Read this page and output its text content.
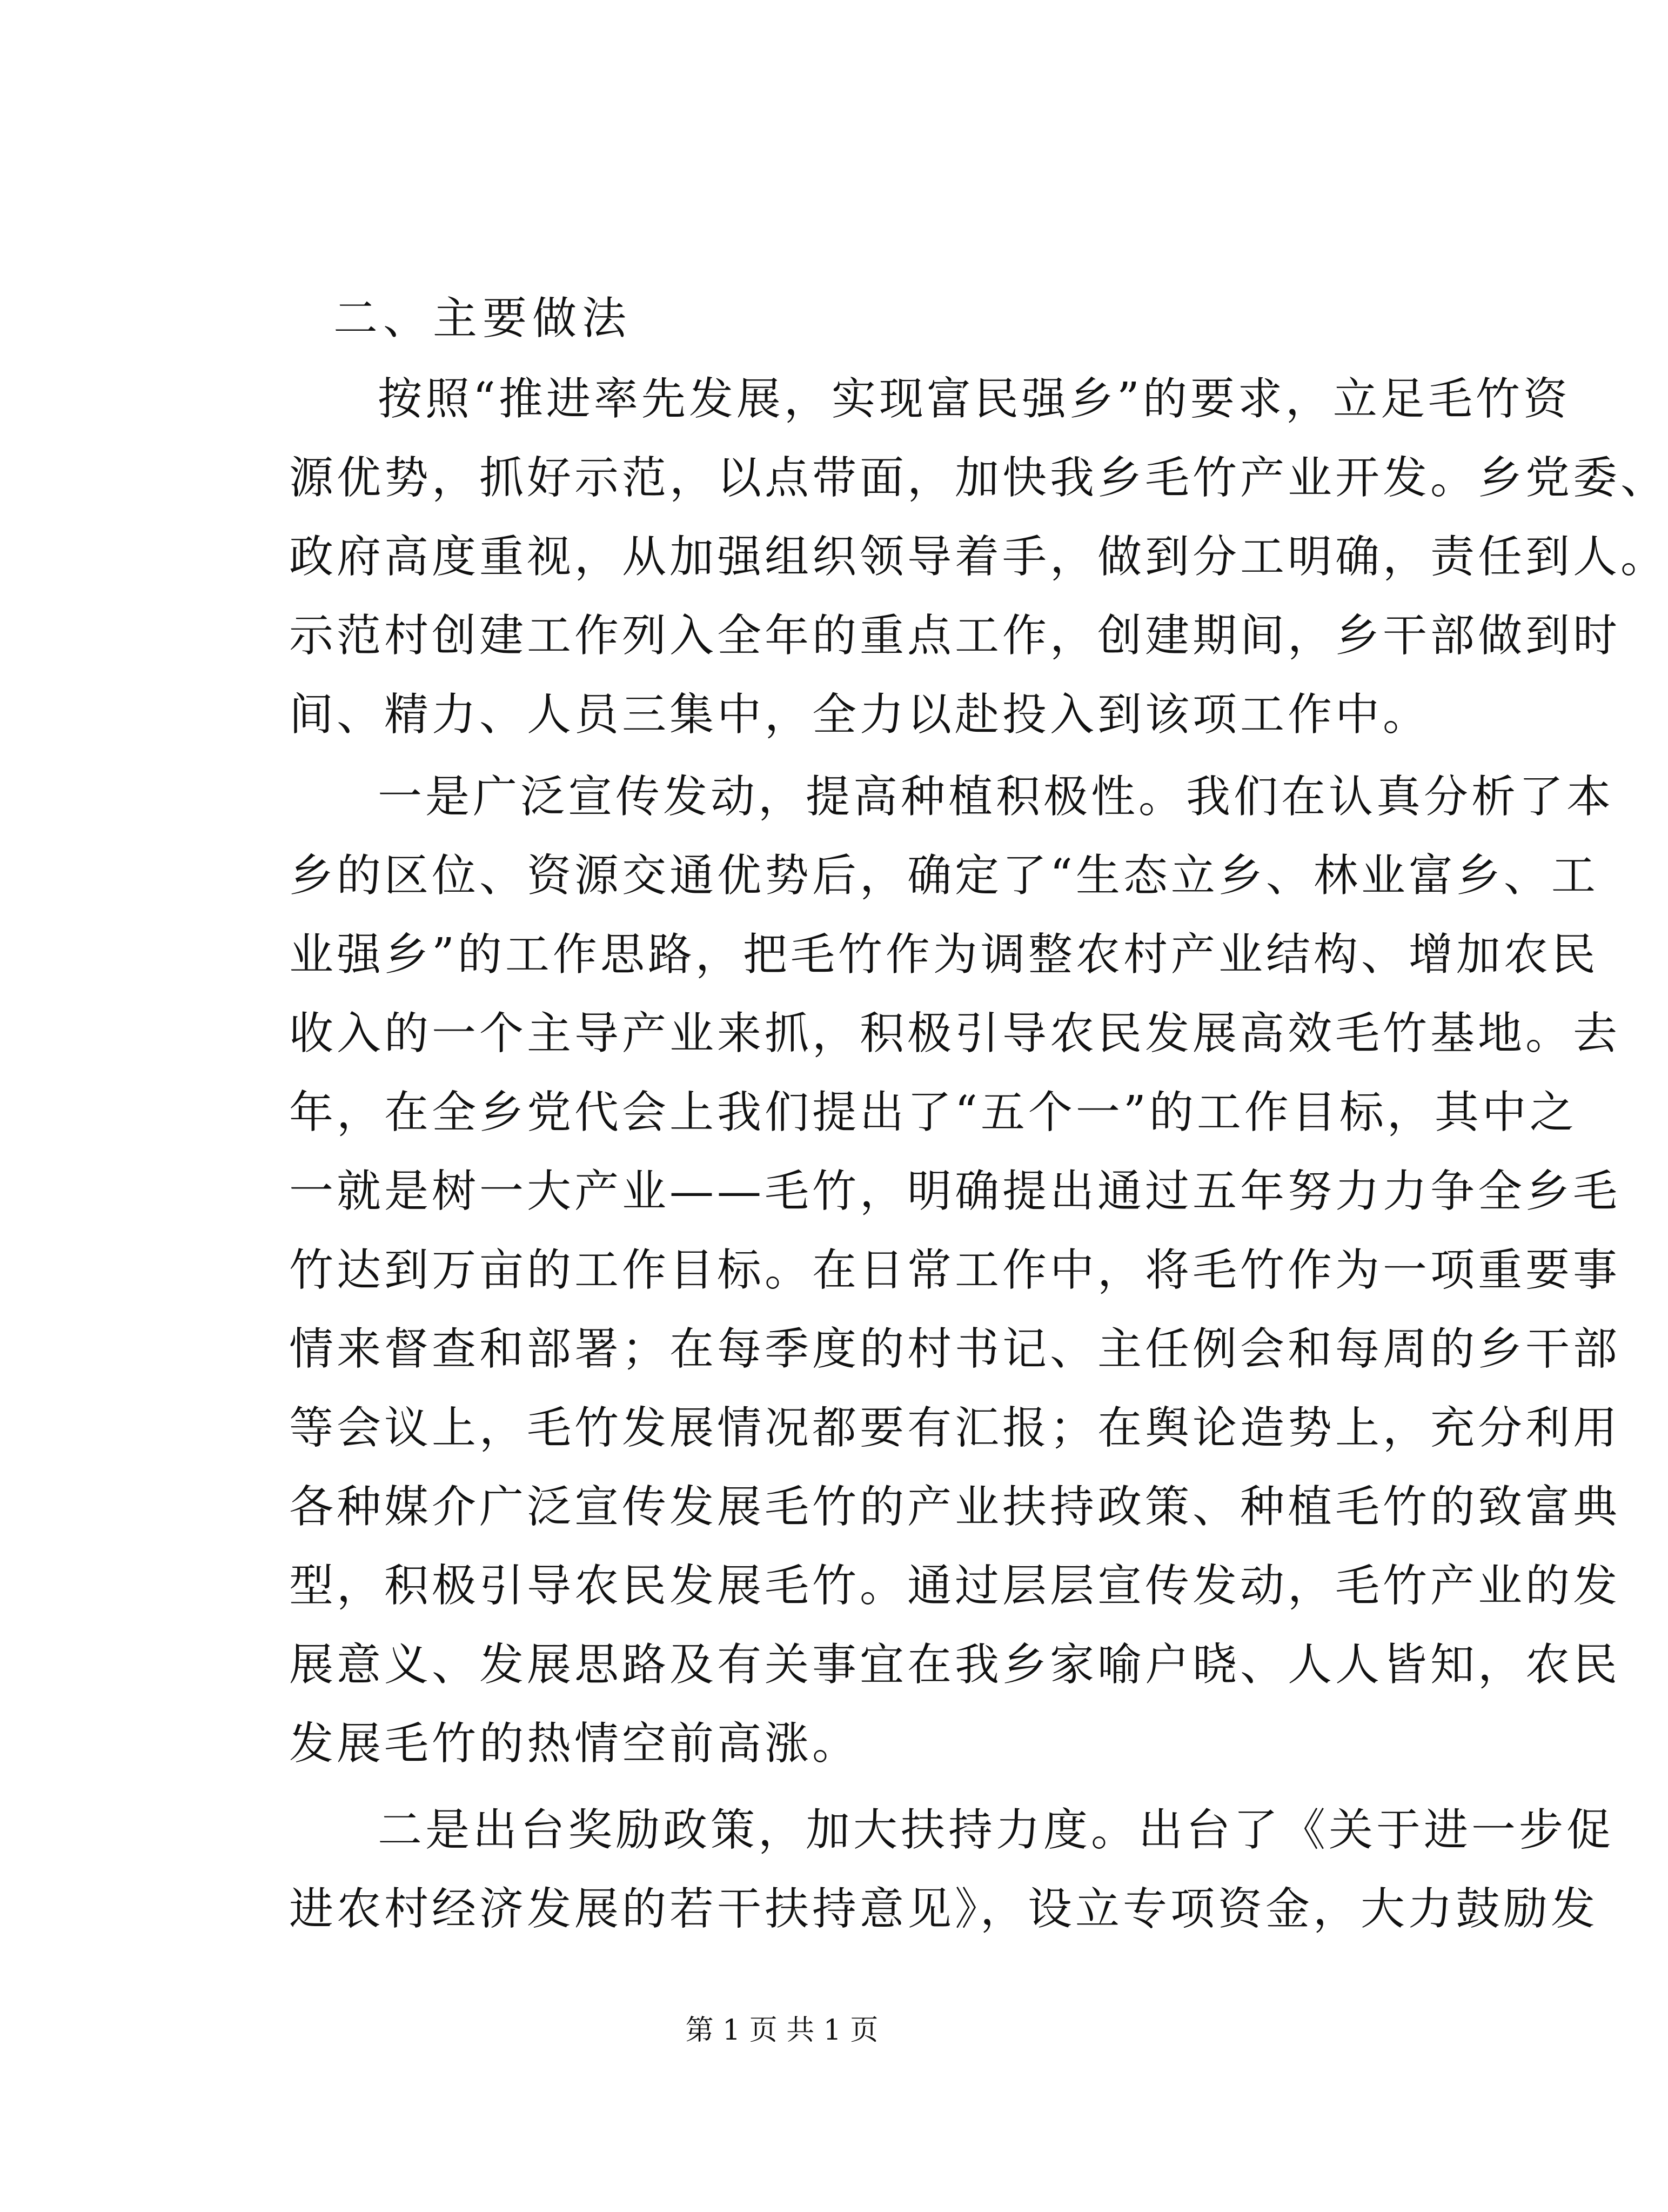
二、主要做法
按照“推进率先发展，实现富民强乡”的要求，立足毛竹资
源优势，抓好示范，以点带面，加快我乡毛竹产业开发。乡党委、
政府高度重视，从加强组织领导着手，做到分工明确，责任到人。
示范村创建工作列入全年的重点工作，创建期间，乡干部做到时
间、精力、人员三集中，全力以赴投入到该项工作中。
一是广泛宣传发动，提高种植积极性。我们在认真分析了本
乡的区位、资源交通优势后，确定了“生态立乡、林业富乡、工
业强乡”的工作思路，把毛竹作为调整农村产业结构、增加农民
收入的一个主导产业来抓，积极引导农民发展高效毛竹基地。去
年，在全乡党代会上我们提出了“五个一”的工作目标，其中之
一就是树一大产业——毛竹，明确提出通过五年努力力争全乡毛
竹达到万亩的工作目标。在日常工作中，将毛竹作为一项重要事
情来督查和部署；在每季度的村书记、主任例会和每周的乡干部
等会议上，毛竹发展情况都要有汇报；在舆论造势上，充分利用
各种媒介广泛宣传发展毛竹的产业扶持政策、种植毛竹的致富典
型，积极引导农民发展毛竹。通过层层宣传发动，毛竹产业的发
展意义、发展思路及有关事宜在我乡家喻户晓、人人皆知，农民
发展毛竹的热情空前高涨。
二是出台奖励政策，加大扶持力度。出台了《关于进一步促
进农村经济发展的若干扶持意见》，设立专项资金，大力鼓励发
第 1 页 共 1 页
